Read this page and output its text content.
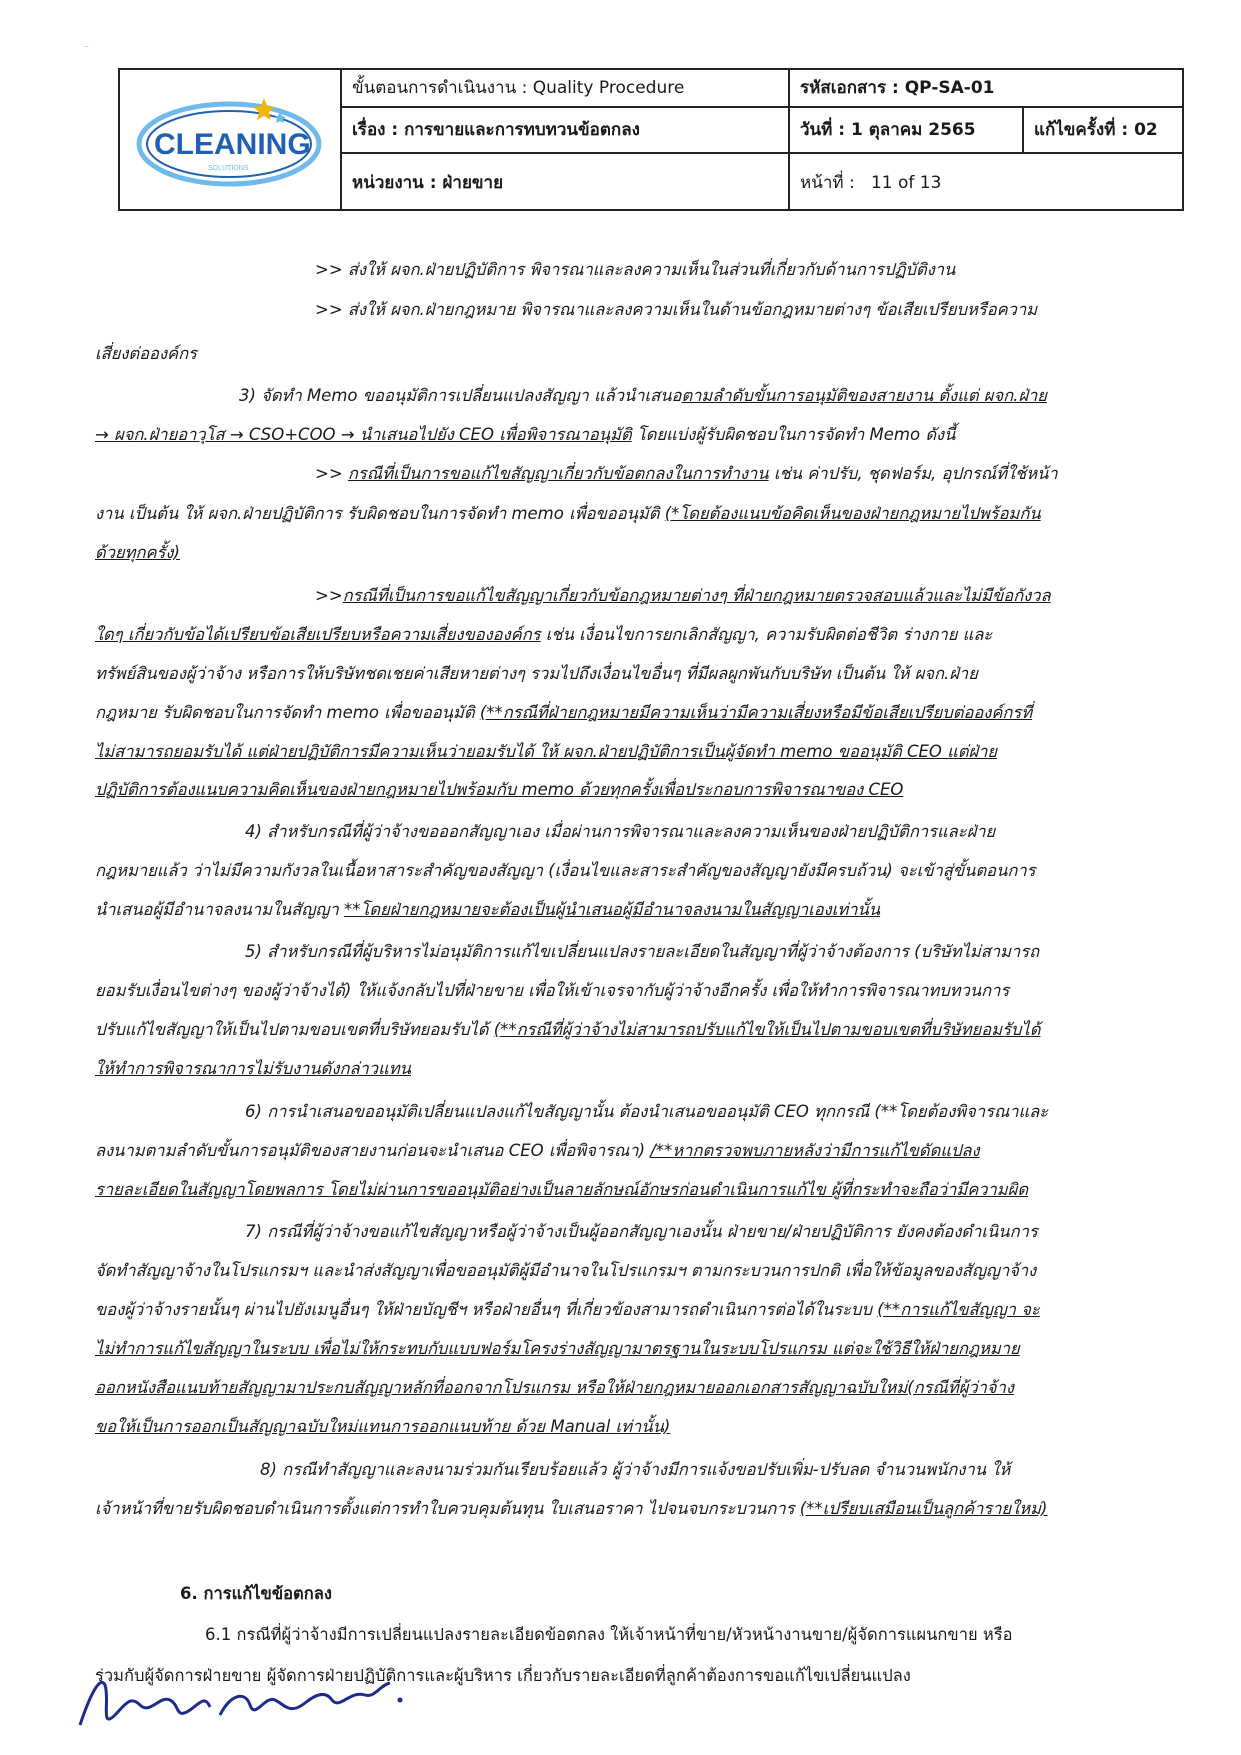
..
CLEANING
SOLUTIONS
ขั้นตอนการดำเนินงาน : Quality Procedure
เรื่อง : การขายและการทบทวนข้อตกลง
หน่วยงาน : ฝ่ายขาย
รหัสเอกสาร : QP-SA-01
วันที่ : 1 ตุลาคม 2565	แก้ไขครั้งที่ : 02
หน้าที่ :
11 of 13
>> ส่งให้ ผจก.ฝ่ายปฏิบัติการ พิจารณาและลงความเห็นในส่วนที่เกี่ยวกับด้านการปฏิบัติงาน
>> ส่งให้ ผจก.ฝ่ายกฎหมาย พิจารณาและลงความเห็นในด้านข้อกฎหมายต่างๆ ข้อเสียเปรียบหรือความ
เสี่ยงต่อองค์กร
3) จัดทำ Memo ขออนุมัติการเปลี่ยนแปลงสัญญา แล้วนำเสนอตามลำดับขั้นการอนุมัติของสายงาน ตั้งแต่ ผจก.ฝ่าย
→ ผจก.ฝ่ายอาวุโส → CSO+COO → นำเสนอไปยัง CEO เพื่อพิจารณาอนุมัติ โดยแบ่งผู้รับผิดชอบในการจัดทำ Memo ดังนี้
>> กรณีที่เป็นการขอแก้ไขสัญญาเกี่ยวกับข้อตกลงในการทำงาน เช่น ค่าปรับ, ชุดฟอร์ม, อุปกรณ์ที่ใช้หน้า
งาน เป็นต้น ให้ ผจก.ฝ่ายปฏิบัติการ รับผิดชอบในการจัดทำ memo เพื่อขออนุมัติ (*โดยต้องแนบข้อคิดเห็นของฝ่ายกฎหมายไปพร้อมกัน
ด้วยทุกครั้ง)
>>กรณีที่เป็นการขอแก้ไขสัญญาเกี่ยวกับข้อกฎหมายต่างๆ ที่ฝ่ายกฎหมายตรวจสอบแล้วและไม่มีข้อกังวล
ใดๆ เกี่ยวกับข้อได้เปรียบข้อเสียเปรียบหรือความเสี่ยงขององค์กร เช่น เงื่อนไขการยกเลิกสัญญา, ความรับผิดต่อชีวิต ร่างกาย และ
ทรัพย์สินของผู้ว่าจ้าง หรือการให้บริษัทชดเชยค่าเสียหายต่างๆ รวมไปถึงเงื่อนไขอื่นๆ ที่มีผลผูกพันกับบริษัท เป็นต้น ให้ ผจก.ฝ่าย
กฎหมาย รับผิดชอบในการจัดทำ memo เพื่อขออนุมัติ (**กรณีที่ฝ่ายกฎหมายมีความเห็นว่ามีความเสี่ยงหรือมีข้อเสียเปรียบต่อองค์กรที่
ไม่สามารถยอมรับได้ แต่ฝ่ายปฏิบัติการมีความเห็นว่ายอมรับได้ ให้ ผจก.ฝ่ายปฏิบัติการเป็นผู้จัดทำ memo ขออนุมัติ CEO แต่ฝ่าย
ปฏิบัติการต้องแนบความคิดเห็นของฝ่ายกฎหมายไปพร้อมกับ memo ด้วยทุกครั้งเพื่อประกอบการพิจารณาของ CEO
4) สำหรับกรณีที่ผู้ว่าจ้างขอออกสัญญาเอง เมื่อผ่านการพิจารณาและลงความเห็นของฝ่ายปฏิบัติการและฝ่าย
กฎหมายแล้ว ว่าไม่มีความกังวลในเนื้อหาสาระสำคัญของสัญญา (เงื่อนไขและสาระสำคัญของสัญญายังมีครบถ้วน) จะเข้าสู่ขั้นตอนการ
นำเสนอผู้มีอำนาจลงนามในสัญญา **โดยฝ่ายกฎหมายจะต้องเป็นผู้นำเสนอผู้มีอำนาจลงนามในสัญญาเองเท่านั้น
5) สำหรับกรณีที่ผู้บริหารไม่อนุมัติการแก้ไขเปลี่ยนแปลงรายละเอียดในสัญญาที่ผู้ว่าจ้างต้องการ (บริษัทไม่สามารถ
ยอมรับเงื่อนไขต่างๆ ของผู้ว่าจ้างได้) ให้แจ้งกลับไปที่ฝ่ายขาย เพื่อให้เข้าเจรจากับผู้ว่าจ้างอีกครั้ง เพื่อให้ทำการพิจารณาทบทวนการ
ปรับแก้ไขสัญญาให้เป็นไปตามขอบเขตที่บริษัทยอมรับได้ (**กรณีที่ผู้ว่าจ้างไม่สามารถปรับแก้ไขให้เป็นไปตามขอบเขตที่บริษัทยอมรับได้
ให้ทำการพิจารณาการไม่รับงานดังกล่าวแทน
6) การนำเสนอขออนุมัติเปลี่ยนแปลงแก้ไขสัญญานั้น ต้องนำเสนอขออนุมัติ CEO ทุกกรณี (**โดยต้องพิจารณาและ
ลงนามตามลำดับขั้นการอนุมัติของสายงานก่อนจะนำเสนอ CEO เพื่อพิจารณา) /**หากตรวจพบภายหลังว่ามีการแก้ไขดัดแปลง
รายละเอียดในสัญญาโดยพลการ โดยไม่ผ่านการขออนุมัติอย่างเป็นลายลักษณ์อักษรก่อนดำเนินการแก้ไข ผู้ที่กระทำจะถือว่ามีความผิด
7) กรณีที่ผู้ว่าจ้างขอแก้ไขสัญญาหรือผู้ว่าจ้างเป็นผู้ออกสัญญาเองนั้น ฝ่ายขาย/ฝ่ายปฏิบัติการ ยังคงต้องดำเนินการ
จัดทำสัญญาจ้างในโปรแกรมฯ และนำส่งสัญญาเพื่อขออนุมัติผู้มีอำนาจในโปรแกรมฯ ตามกระบวนการปกติ เพื่อให้ข้อมูลของสัญญาจ้าง
ของผู้ว่าจ้างรายนั้นๆ ผ่านไปยังเมนูอื่นๆ ให้ฝ่ายบัญชีฯ หรือฝ่ายอื่นๆ ที่เกี่ยวข้องสามารถดำเนินการต่อได้ในระบบ (**การแก้ไขสัญญา จะ
ไม่ทำการแก้ไขสัญญาในระบบ เพื่อไม่ให้กระทบกับแบบฟอร์มโครงร่างสัญญามาตรฐานในระบบโปรแกรม แต่จะใช้วิธีให้ฝ่ายกฎหมาย
ออกหนังสือแนบท้ายสัญญามาประกบสัญญาหลักที่ออกจากโปรแกรม หรือให้ฝ่ายกฎหมายออกเอกสารสัญญาฉบับใหม่(กรณีที่ผู้ว่าจ้าง
ขอให้เป็นการออกเป็นสัญญาฉบับใหม่แทนการออกแนบท้าย ด้วย Manual เท่านั้น)
8) กรณีทำสัญญาและลงนามร่วมกันเรียบร้อยแล้ว ผู้ว่าจ้างมีการแจ้งขอปรับเพิ่ม-ปรับลด จำนวนพนักงาน ให้
เจ้าหน้าที่ขายรับผิดชอบดำเนินการตั้งแต่การทำใบควบคุมต้นทุน ใบเสนอราคา ไปจนจบกระบวนการ (**เปรียบเสมือนเป็นลูกค้ารายใหม่)
6. การแก้ไขข้อตกลง
6.1 กรณีที่ผู้ว่าจ้างมีการเปลี่ยนแปลงรายละเอียดข้อตกลง ให้เจ้าหน้าที่ขาย/หัวหน้างานขาย/ผู้จัดการแผนกขาย หรือ
ร่วมกับผู้จัดการฝ่ายขาย ผู้จัดการฝ่ายปฏิบัติการและผู้บริหาร เกี่ยวกับรายละเอียดที่ลูกค้าต้องการขอแก้ไขเปลี่ยนแปลง
